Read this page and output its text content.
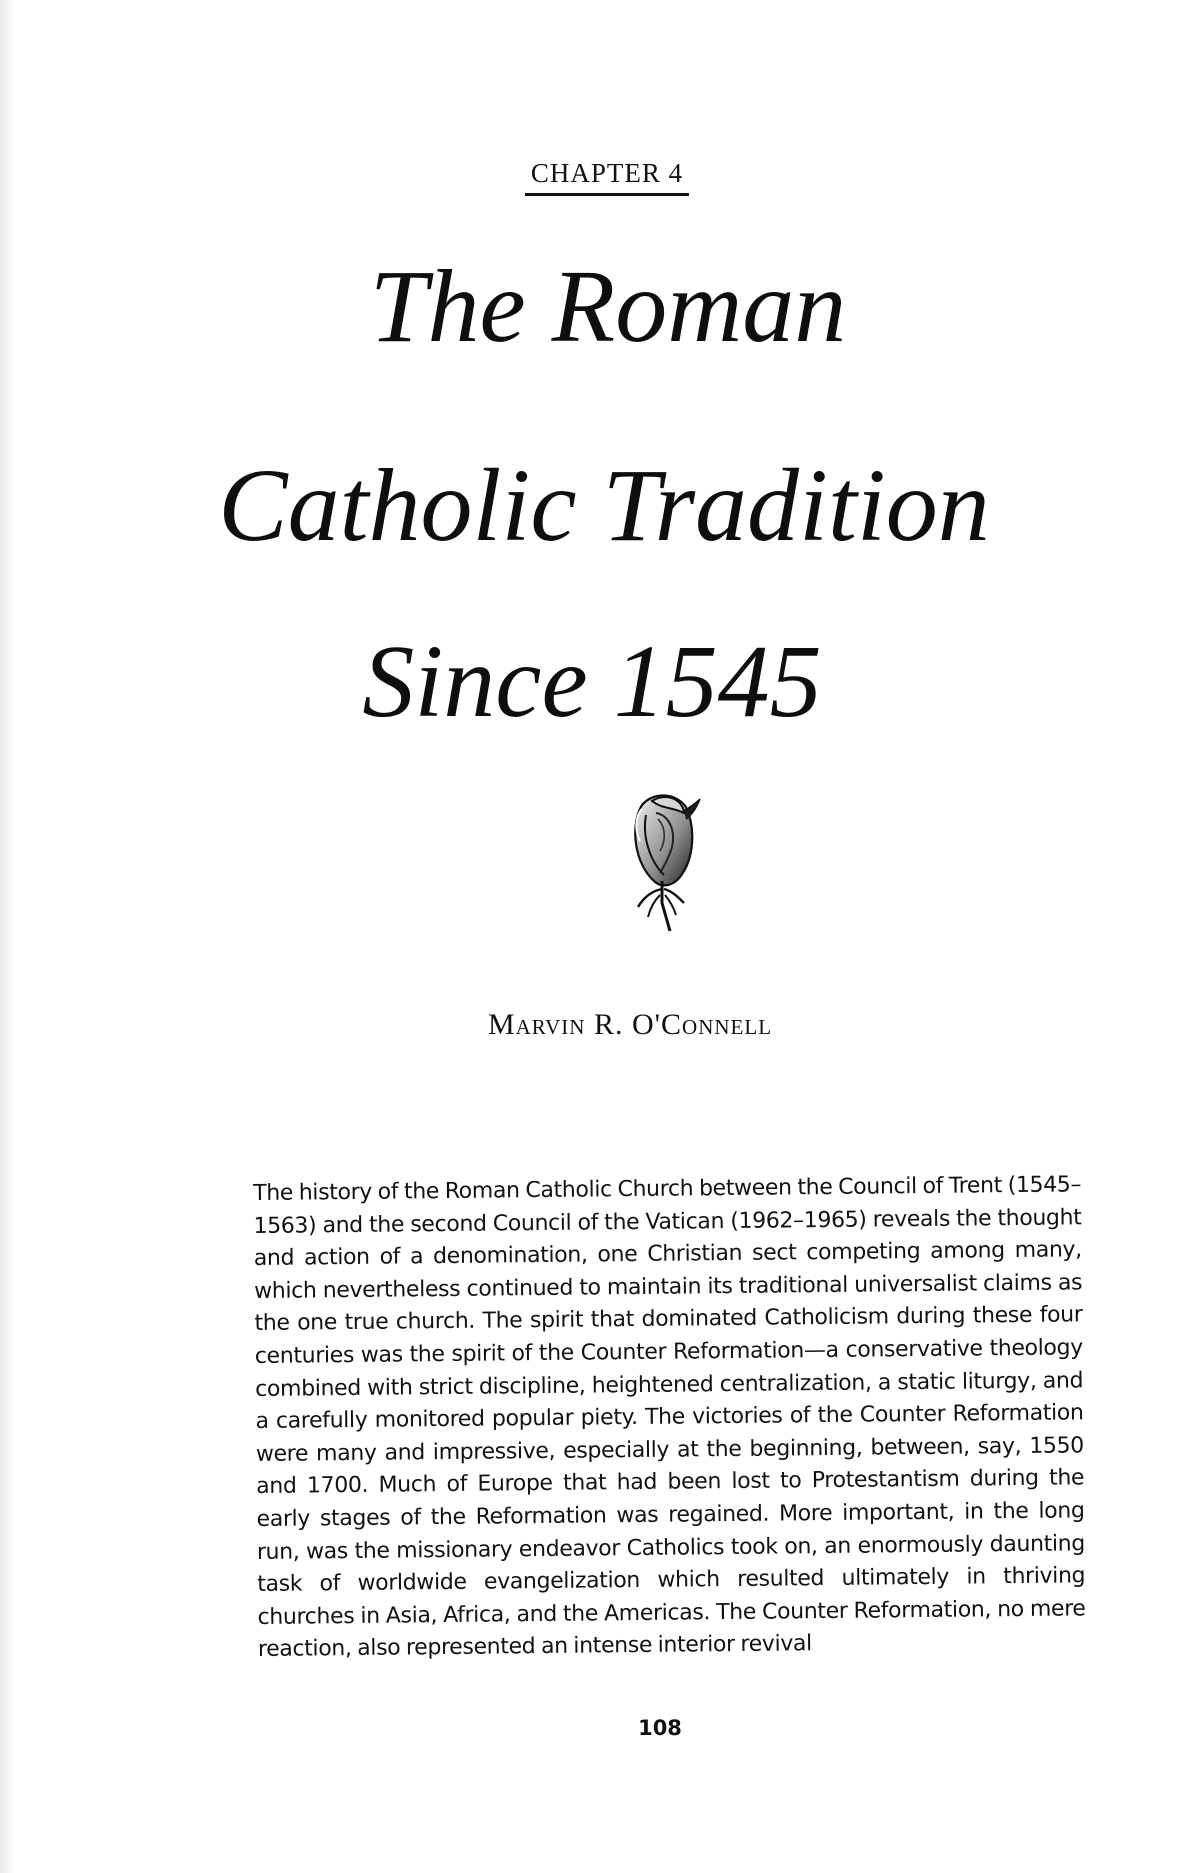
CHAPTER 4
The Roman
Catholic Tradition
Since 1545
Marvin R. O'Connell

The history of the Roman Catholic Church between the Council of Trent (1545–1563) and the second Council of the Vatican (1962–1965) reveals the thought and action of a denomination, one Christian sect competing among many, which nevertheless continued to maintain its traditional universalist claims as the one true church. The spirit that dominated Catholicism during these four centuries was the spirit of the Counter Reformation—a conservative theology combined with strict discipline, heightened centralization, a static liturgy, and a carefully monitored popular piety. The victories of the Counter Reformation were many and impressive, especially at the beginning, between, say, 1550 and 1700. Much of Europe that had been lost to Protestantism during the early stages of the Reformation was regained. More important, in the long run, was the missionary endeavor Catholics took on, an enormously daunting task of worldwide evangelization which resulted ultimately in thriving churches in Asia, Africa, and the Americas. The Counter Reformation, no mere reaction, also represented an intense interior revival

108
